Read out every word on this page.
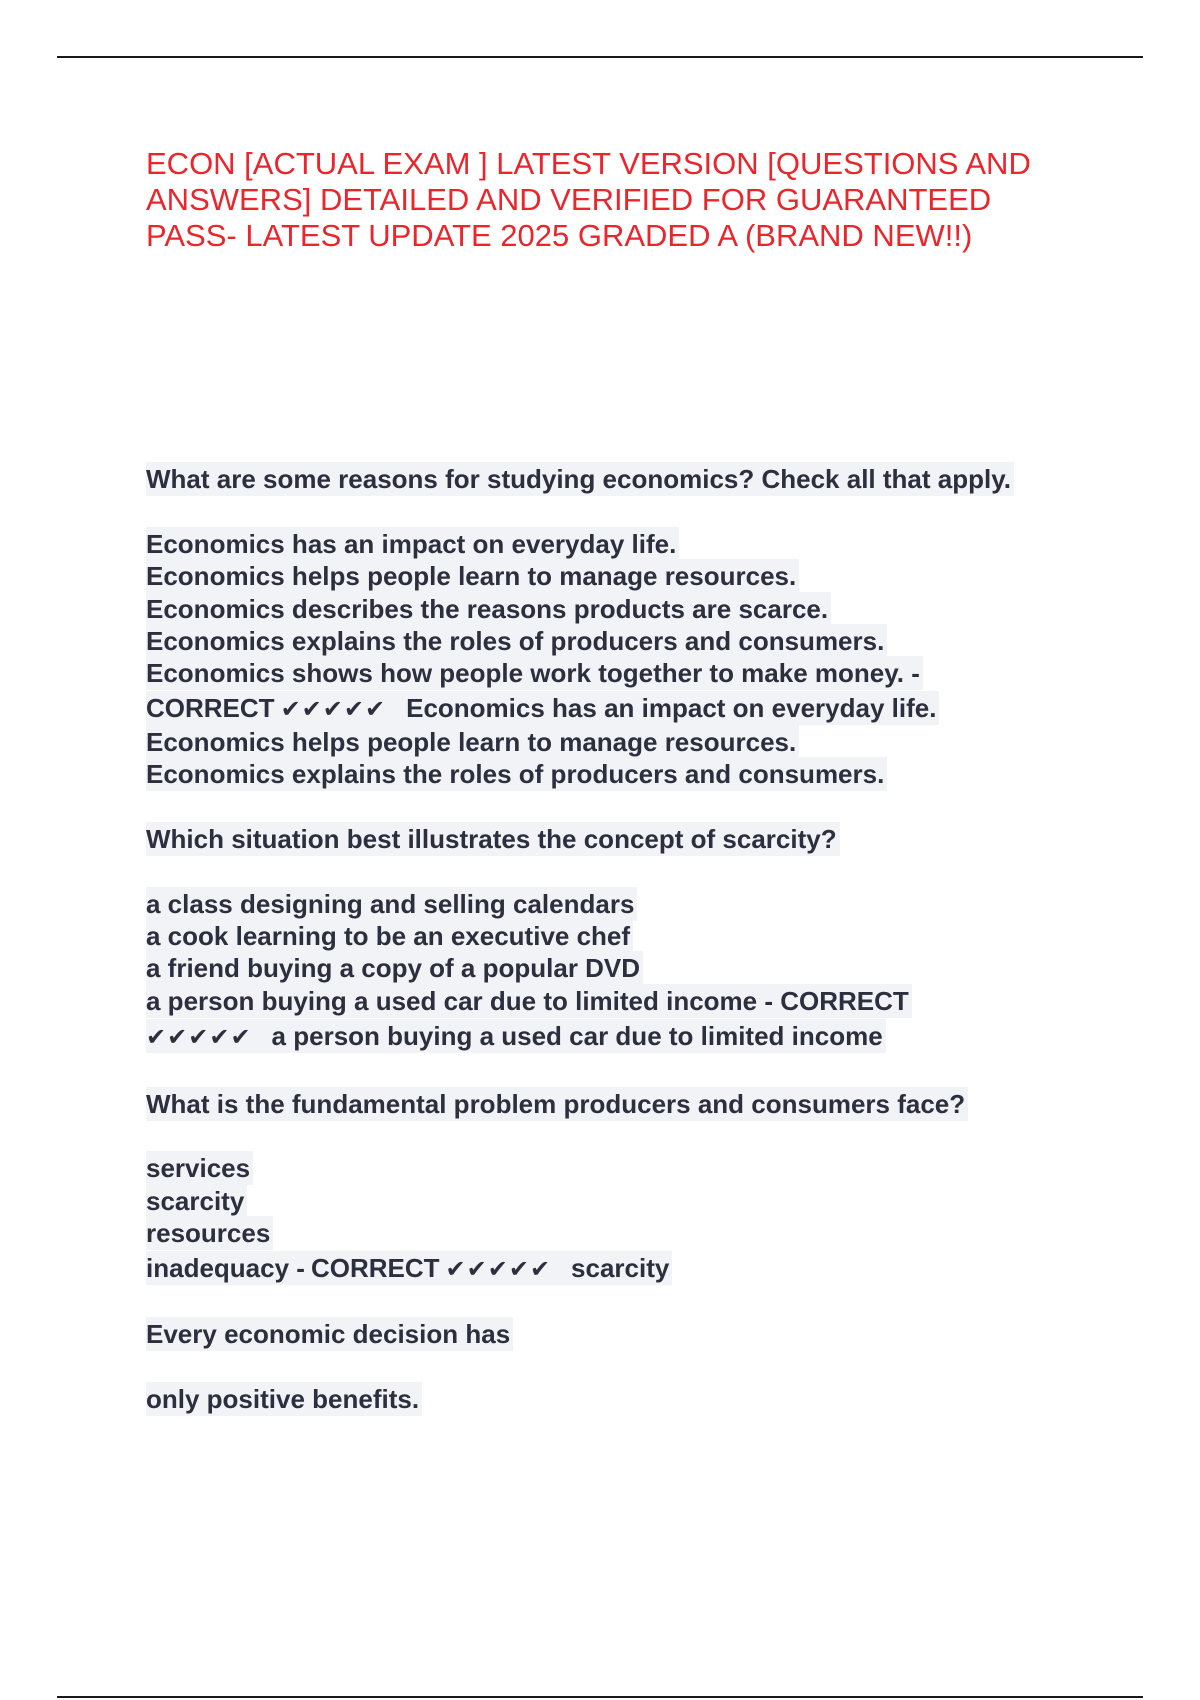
ECON [ACTUAL EXAM ] LATEST VERSION [QUESTIONS AND
ANSWERS] DETAILED AND VERIFIED FOR GUARANTEED
PASS- LATEST UPDATE 2025 GRADED A (BRAND NEW!!)
What are some reasons for studying economics? Check all that apply.
Economics has an impact on everyday life.
Economics helps people learn to manage resources.
Economics describes the reasons products are scarce.
Economics explains the roles of producers and consumers.
Economics shows how people work together to make money. -
CORRECT ✔✔✔✔✔ Economics has an impact on everyday life.
Economics helps people learn to manage resources.
Economics explains the roles of producers and consumers.
Which situation best illustrates the concept of scarcity?
a class designing and selling calendars
a cook learning to be an executive chef
a friend buying a copy of a popular DVD
a person buying a used car due to limited income - CORRECT
✔✔✔✔✔ a person buying a used car due to limited income
What is the fundamental problem producers and consumers face?
services
scarcity
resources
inadequacy - CORRECT ✔✔✔✔✔ scarcity
Every economic decision has
only positive benefits.
